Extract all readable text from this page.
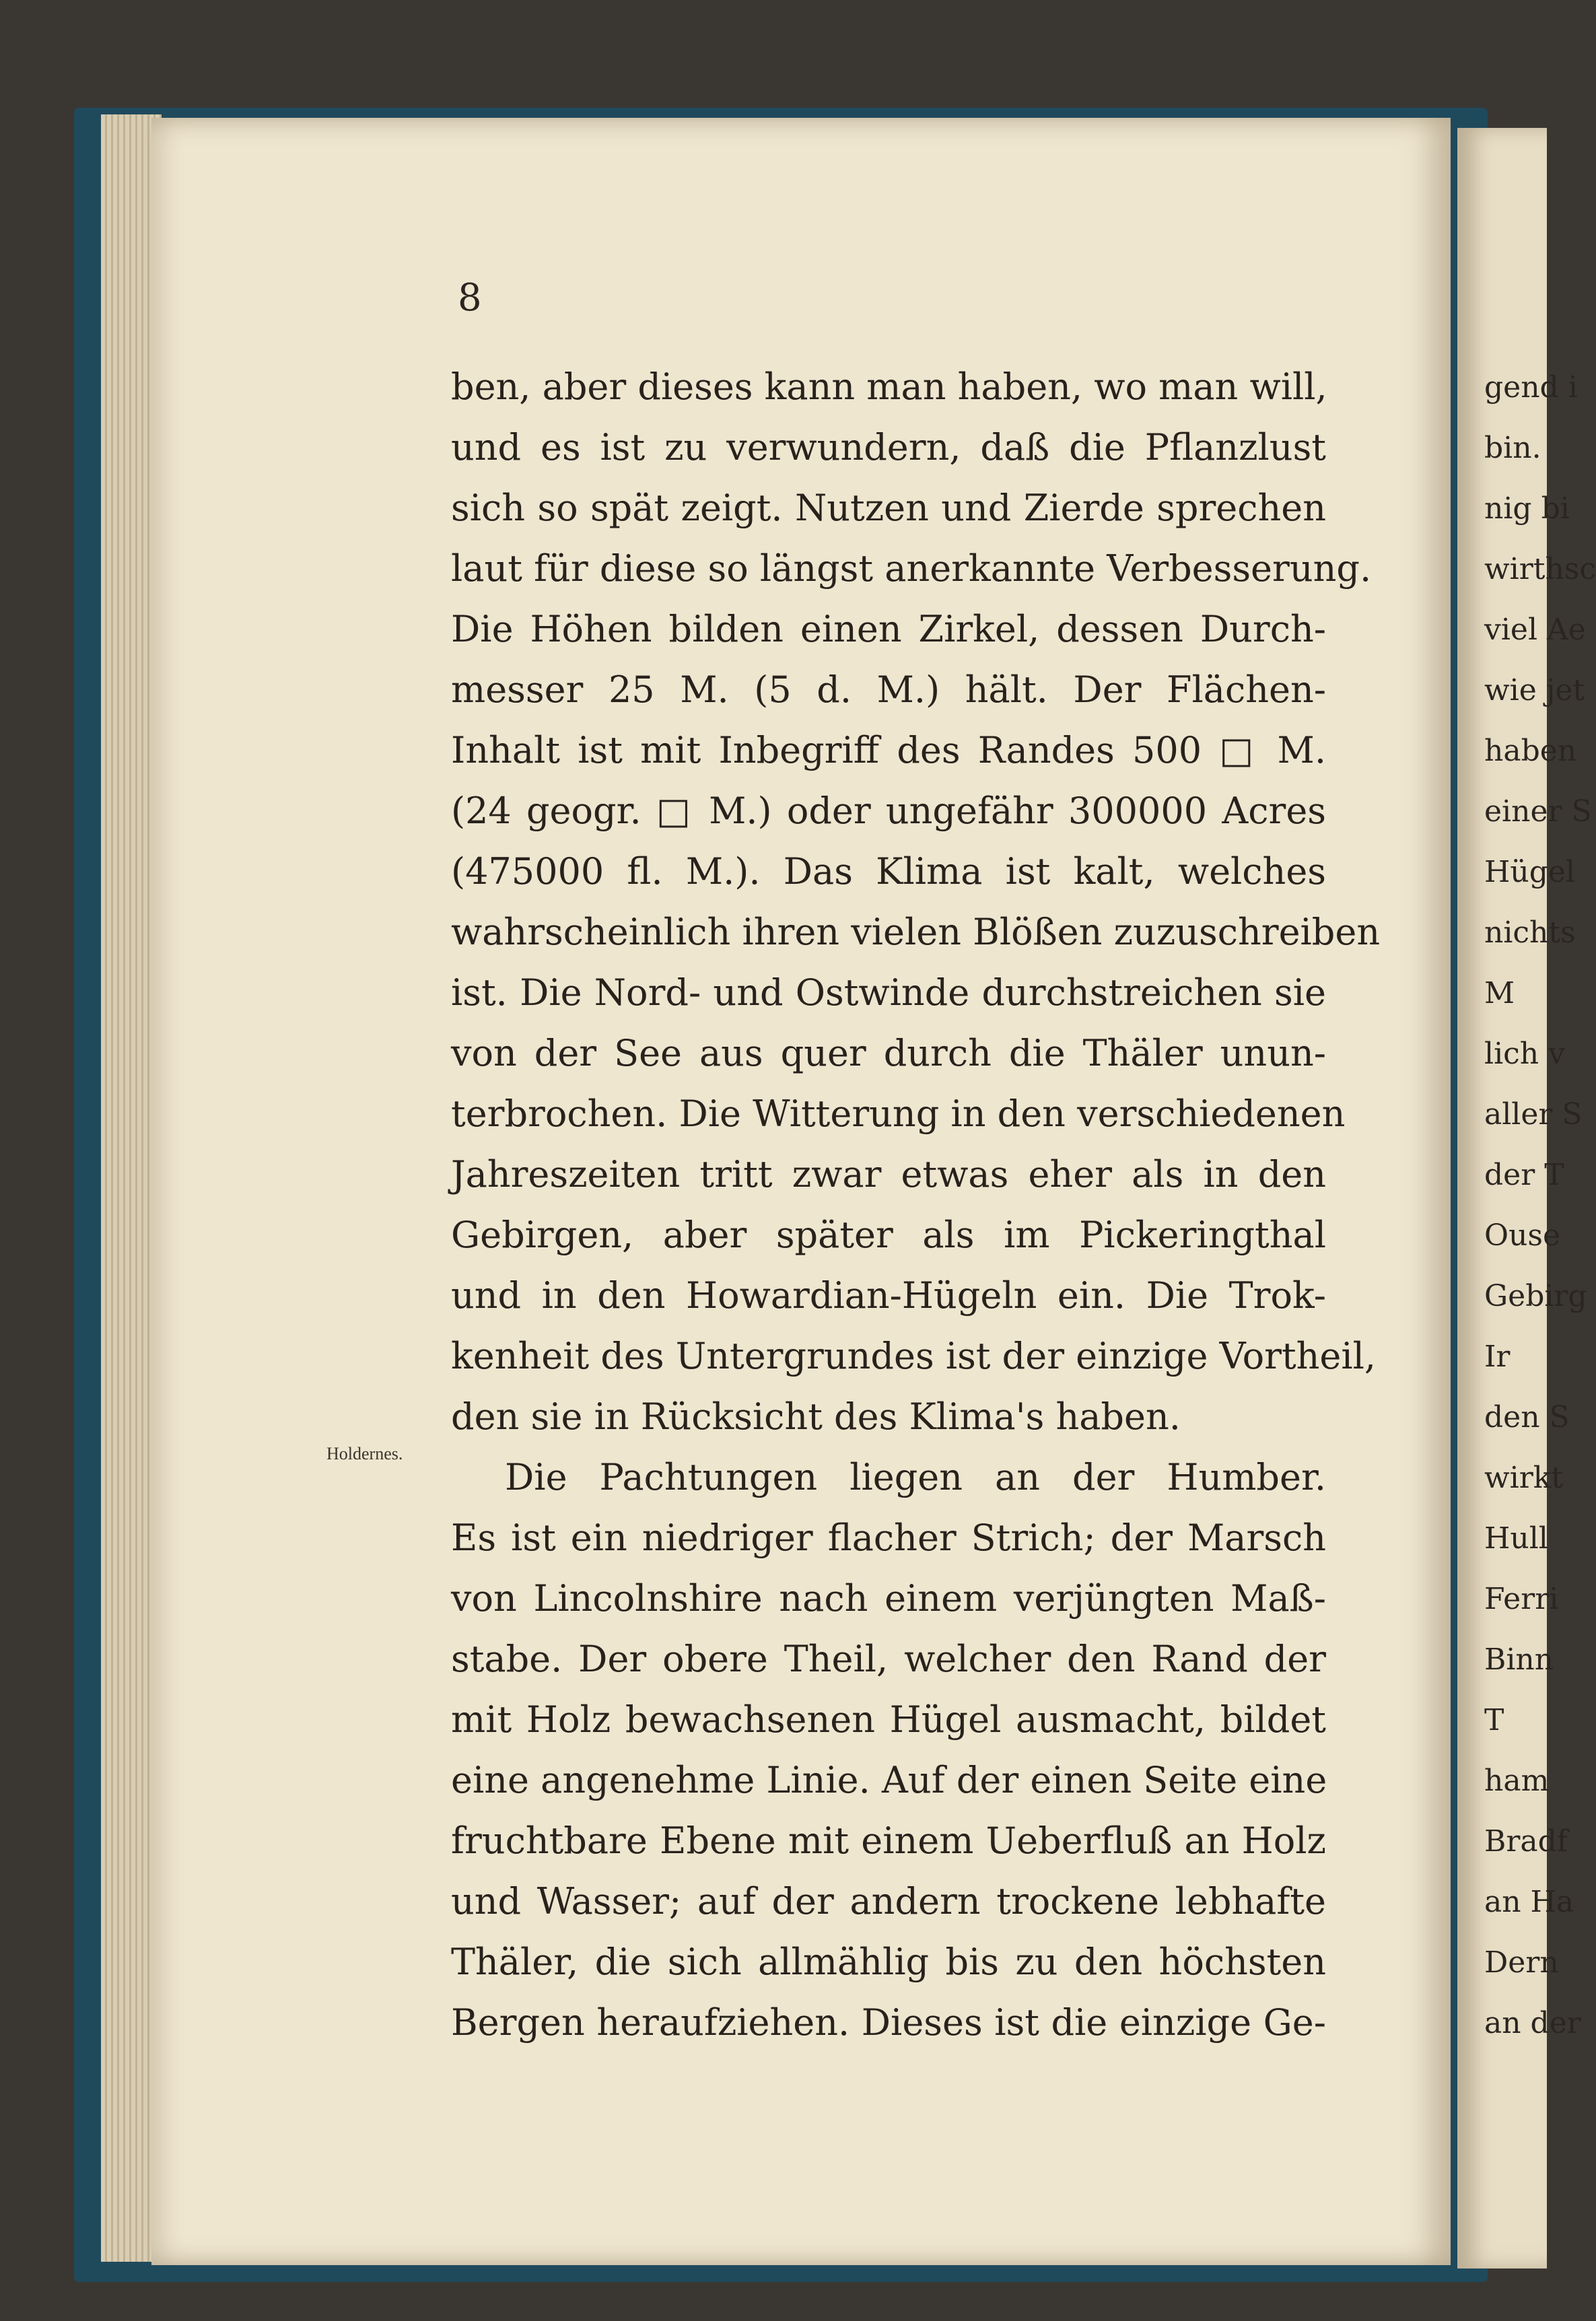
8
Holdernes.
ben, aber dieses kann man haben, wo man will,
und es ist zu verwundern, daß die Pflanzlust
sich so spät zeigt. Nutzen und Zierde sprechen
laut für diese so längst anerkannte Verbesserung.
Die Höhen bilden einen Zirkel, dessen Durch-
messer 25 M. (5 d. M.) hält. Der Flächen-
Inhalt ist mit Inbegriff des Randes 500 □ M.
(24 geogr. □ M.) oder ungefähr 300000 Acres
(475000 fl. M.). Das Klima ist kalt, welches
wahrscheinlich ihren vielen Blößen zuzuschreiben
ist. Die Nord- und Ostwinde durchstreichen sie
von der See aus quer durch die Thäler unun-
terbrochen. Die Witterung in den verschiedenen
Jahreszeiten tritt zwar etwas eher als in den
Gebirgen, aber später als im Pickeringthal
und in den Howardian-Hügeln ein. Die Trok-
kenheit des Untergrundes ist der einzige Vortheil,
den sie in Rücksicht des Klima's haben.
Die Pachtungen liegen an der Humber.
Es ist ein niedriger flacher Strich; der Marsch
von Lincolnshire nach einem verjüngten Maß-
stabe. Der obere Theil, welcher den Rand der
mit Holz bewachsenen Hügel ausmacht, bildet
eine angenehme Linie. Auf der einen Seite eine
fruchtbare Ebene mit einem Ueberfluß an Holz
und Wasser; auf der andern trockene lebhafte
Thäler, die sich allmählig bis zu den höchsten
Bergen heraufziehen. Dieses ist die einzige Ge-
gend i
bin.
nig bi
wirthsc
viel Ae
wie jet
haben
einer S
Hügel
nichts
M
lich v
aller S
der T
Ouse
Gebirg
Ir
den S
wirkt
Hull
Ferri
Binn
T
ham
Bradf
an Ha
Dern
an der
